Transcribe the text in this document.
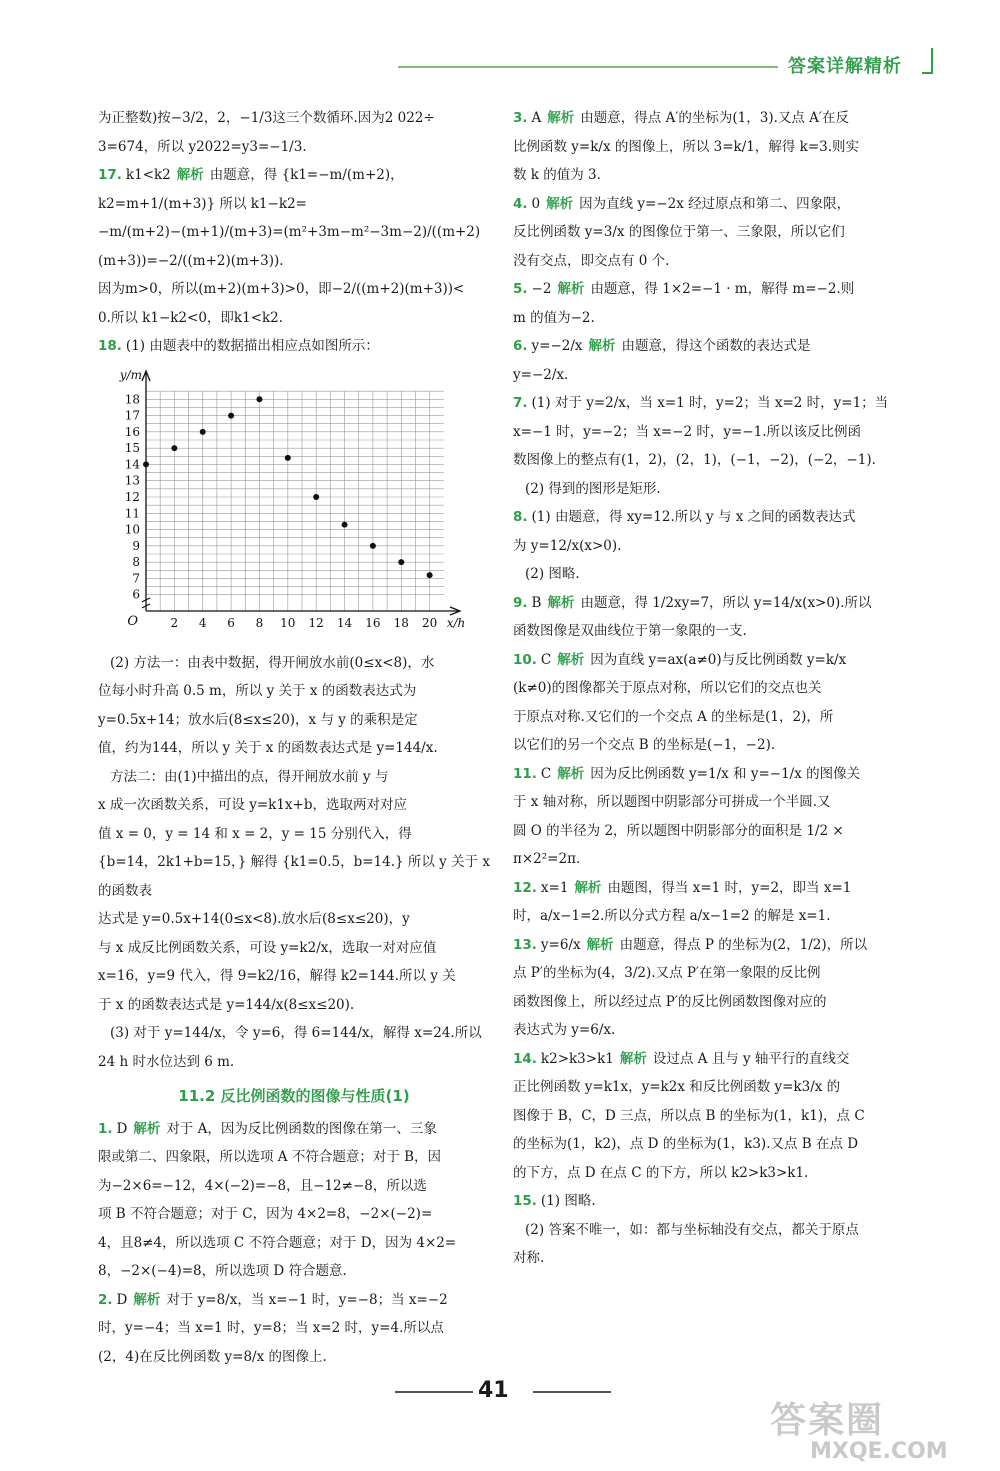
答案详解精析

为正整数)按−3/2，2，−1/3这三个数循环.因为2 022÷

3=674，所以 y2022=y3=−1/3.

17. k1<k2 解析 由题意，得 {k1=−m/(m+2)，k2=m+1/(m+3)} 所以 k1−k2=

−m/(m+2)−(m+1)/(m+3)=(m²+3m−m²−3m−2)/((m+2)(m+3))=−2/((m+2)(m+3)).

因为m>0，所以(m+2)(m+3)>0，即−2/((m+2)(m+3))<

0.所以 k1−k2<0，即k1<k2.

18. (1) 由题表中的数据描出相应点如图所示：

2 4 6 8 10 12 14 16 18 20
6
7
8
9
10
11
12
13
14
15
16
17
18
O	x/h
y/m

(2) 方法一：由表中数据，得开闸放水前(0≤x<8)，水

位每小时升高 0.5 m，所以 y 关于 x 的函数表达式为

y=0.5x+14；放水后(8≤x≤20)，x 与 y 的乘积是定

值，约为144，所以 y 关于 x 的函数表达式是 y=144/x.

方法二：由(1)中描出的点，得开闸放水前 y 与

x 成一次函数关系，可设 y=k1x+b，选取两对对应

值 x = 0，y = 14 和 x = 2，y = 15 分别代入，得

{b=14，2k1+b=15，} 解得 {k1=0.5，b=14.} 所以 y 关于 x 的函数表

达式是 y=0.5x+14(0≤x<8).放水后(8≤x≤20)，y

与 x 成反比例函数关系，可设 y=k2/x，选取一对对应值

x=16，y=9 代入，得 9=k2/16，解得 k2=144.所以 y 关

于 x 的函数表达式是 y=144/x(8≤x≤20).

(3) 对于 y=144/x，令 y=6，得 6=144/x，解得 x=24.所以

24 h 时水位达到 6 m.

11.2 反比例函数的图像与性质(1)

1. D 解析 对于 A，因为反比例函数的图像在第一、三象

限或第二、四象限，所以选项 A 不符合题意；对于 B，因

为−2×6=−12，4×(−2)=−8，且−12≠−8，所以选

项 B 不符合题意；对于 C，因为 4×2=8，−2×(−2)=

4，且8≠4，所以选项 C 不符合题意；对于 D，因为 4×2=

8，−2×(−4)=8，所以选项 D 符合题意.

2. D 解析 对于 y=8/x，当 x=−1 时，y=−8；当 x=−2

时，y=−4；当 x=1 时，y=8；当 x=2 时，y=4.所以点

(2，4)在反比例函数 y=8/x 的图像上.

3. A 解析 由题意，得点 A′的坐标为(1，3).又点 A′在反

比例函数 y=k/x 的图像上，所以 3=k/1，解得 k=3.则实

数 k 的值为 3.

4. 0 解析 因为直线 y=−2x 经过原点和第二、四象限，

反比例函数 y=3/x 的图像位于第一、三象限，所以它们

没有交点，即交点有 0 个.

5. −2 解析 由题意，得 1×2=−1 · m，解得 m=−2.则

m 的值为−2.

6. y=−2/x 解析 由题意，得这个函数的表达式是

y=−2/x.

7. (1) 对于 y=2/x，当 x=1 时，y=2；当 x=2 时，y=1；当

x=−1 时，y=−2；当 x=−2 时，y=−1.所以该反比例函

数图像上的整点有(1，2)，(2，1)，(−1，−2)，(−2，−1).

(2) 得到的图形是矩形.

8. (1) 由题意，得 xy=12.所以 y 与 x 之间的函数表达式

为 y=12/x(x>0).

(2) 图略.

9. B 解析 由题意，得 1/2xy=7，所以 y=14/x(x>0).所以

函数图像是双曲线位于第一象限的一支.

10. C 解析 因为直线 y=ax(a≠0)与反比例函数 y=k/x

(k≠0)的图像都关于原点对称，所以它们的交点也关

于原点对称.又它们的一个交点 A 的坐标是(1，2)，所

以它们的另一个交点 B 的坐标是(−1，−2).

11. C 解析 因为反比例函数 y=1/x 和 y=−1/x 的图像关

于 x 轴对称，所以题图中阴影部分可拼成一个半圆.又

圆 O 的半径为 2，所以题图中阴影部分的面积是 1/2 ×

π×2²=2π.

12. x=1 解析 由题图，得当 x=1 时，y=2，即当 x=1

时，a/x−1=2.所以分式方程 a/x−1=2 的解是 x=1.

13. y=6/x 解析 由题意，得点 P 的坐标为(2，1/2)，所以

点 P′的坐标为(4，3/2).又点 P′在第一象限的反比例

函数图像上，所以经过点 P′的反比例函数图像对应的

表达式为 y=6/x.

14. k2>k3>k1 解析 设过点 A 且与 y 轴平行的直线交

正比例函数 y=k1x，y=k2x 和反比例函数 y=k3/x 的

图像于 B，C，D 三点，所以点 B 的坐标为(1，k1)，点 C

的坐标为(1，k2)，点 D 的坐标为(1，k3).又点 B 在点 D

的下方，点 D 在点 C 的下方，所以 k2>k3>k1.

15. (1) 图略.

(2) 答案不唯一，如：都与坐标轴没有交点，都关于原点

对称.

41
答案圈
MXQE.COM
